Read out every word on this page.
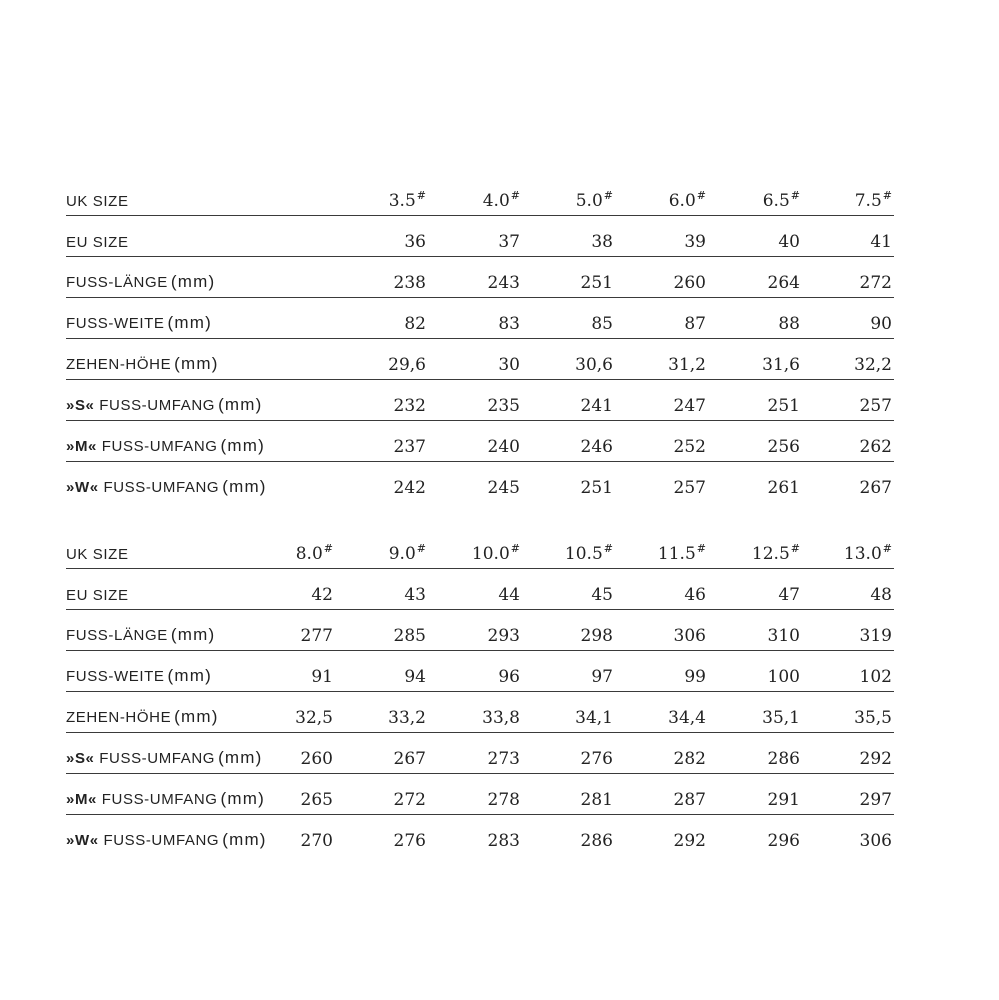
UK SIZE	3.5#	4.0#	5.0#	6.0#	6.5#	7.5#
EU SIZE	36	37	38	39	40	41
FUSS-LÄNGE (mm)	238	243	251	260	264	272
FUSS-WEITE (mm)	82	83	85	87	88	90
ZEHEN-HÖHE (mm)	29,6	30	30,6	31,2	31,6	32,2
»S« FUSS-UMFANG (mm)	232	235	241	247	251	257
»M« FUSS-UMFANG (mm)	237	240	246	252	256	262
»W« FUSS-UMFANG (mm)	242	245	251	257	261	267
UK SIZE	8.0#	9.0#	10.0#	10.5#	11.5#	12.5#	13.0#
EU SIZE	42	43	44	45	46	47	48
FUSS-LÄNGE (mm)	277	285	293	298	306	310	319
FUSS-WEITE (mm)	91	94	96	97	99	100	102
ZEHEN-HÖHE (mm)	32,5	33,2	33,8	34,1	34,4	35,1	35,5
»S« FUSS-UMFANG (mm) 260	267	273	276	282	286	292
»M« FUSS-UMFANG (mm) 265	272	278	281	287	291	297
»W« FUSS-UMFANG (mm) 270	276	283	286	292	296	306
